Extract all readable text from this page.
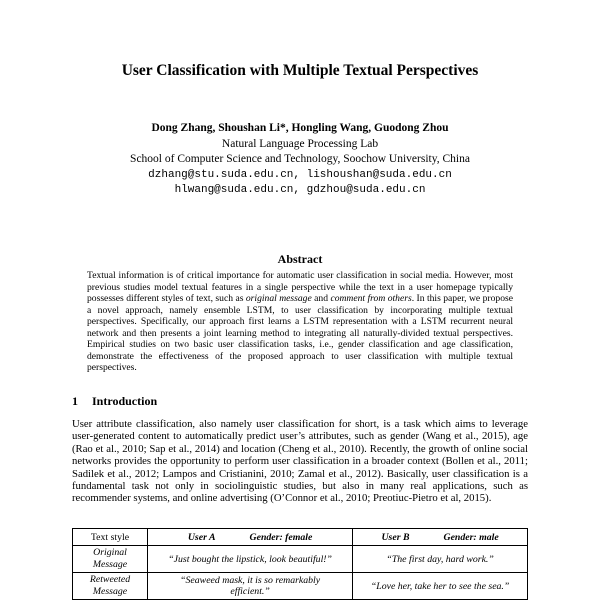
User Classification with Multiple Textual Perspectives
Dong Zhang, Shoushan Li*, Hongling Wang, Guodong Zhou
Natural Language Processing Lab
School of Computer Science and Technology, Soochow University, China
dzhang@stu.suda.edu.cn, lishoushan@suda.edu.cn
hlwang@suda.edu.cn, gdzhou@suda.edu.cn
Abstract
Textual information is of critical importance for automatic user classification in social media. However, most previous studies model textual features in a single perspective while the text in a user homepage typically possesses different styles of text, such as original message and comment from others. In this paper, we propose a novel approach, namely ensemble LSTM, to user classification by incorporating multiple textual perspectives. Specifically, our approach first learns a LSTM representation with a LSTM recurrent neural network and then presents a joint learning method to integrating all naturally-divided textual perspectives. Empirical studies on two basic user classification tasks, i.e., gender classification and age classification, demonstrate the effectiveness of the proposed approach to user classification with multiple textual perspectives.
1 Introduction
User attribute classification, also namely user classification for short, is a task which aims to leverage user-generated content to automatically predict user’s attributes, such as gender (Wang et al., 2015), age (Rao et al., 2010; Sap et al., 2014) and location (Cheng et al., 2010). Recently, the growth of online social networks provides the opportunity to perform user classification in a broader context (Bollen et al., 2011; Sadilek et al., 2012; Lampos and Cristianini, 2010; Zamal et al., 2012). Basically, user classification is a fundamental task not only in sociolinguistic studies, but also in many real applications, such as recommender systems, and online advertising (O’Connor et al., 2010; Preotiuc-Pietro et al, 2015).
Text style	User A Gender: female	User B Gender: male
Original
Message	“Just bought the lipstick, look beautiful!”	“The first day, hard work.”
Retweeted
Message	“Seaweed mask, it is so remarkably
efficient.”	“Love her, take her to see the sea.”
